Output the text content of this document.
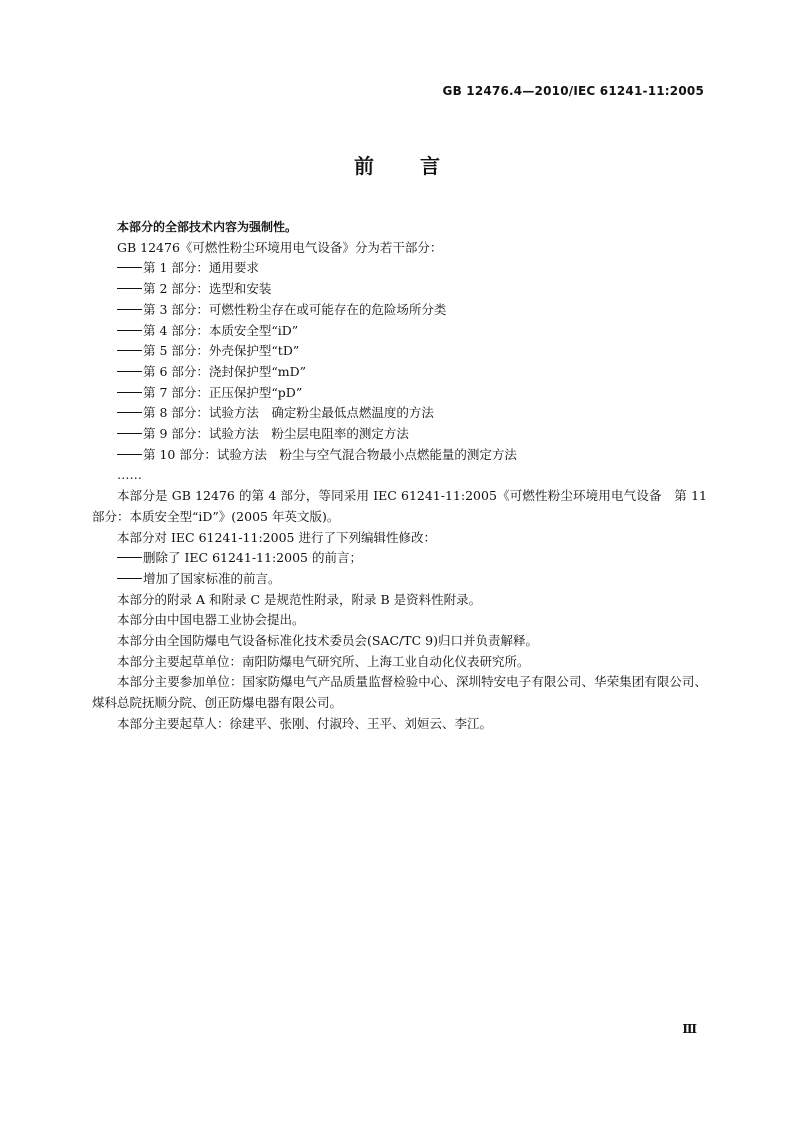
GB 12476.4—2010/IEC 61241-11:2005
前言

本部分的全部技术内容为强制性。

GB 12476《可燃性粉尘环境用电气设备》分为若干部分：

第 1 部分：通用要求

第 2 部分：选型和安装

第 3 部分：可燃性粉尘存在或可能存在的危险场所分类

第 4 部分：本质安全型“iD”

第 5 部分：外壳保护型“tD”

第 6 部分：浇封保护型“mD”

第 7 部分：正压保护型“pD”

第 8 部分：试验方法　确定粉尘最低点燃温度的方法

第 9 部分：试验方法　粉尘层电阻率的测定方法

第 10 部分：试验方法　粉尘与空气混合物最小点燃能量的测定方法

……

本部分是 GB 12476 的第 4 部分，等同采用 IEC 61241-11:2005《可燃性粉尘环境用电气设备　第 11 部分：本质安全型“iD”》(2005 年英文版)。

本部分对 IEC 61241-11:2005 进行了下列编辑性修改：

删除了 IEC 61241-11:2005 的前言；

增加了国家标准的前言。

本部分的附录 A 和附录 C 是规范性附录，附录 B 是资料性附录。

本部分由中国电器工业协会提出。

本部分由全国防爆电气设备标准化技术委员会(SAC/TC 9)归口并负责解释。

本部分主要起草单位：南阳防爆电气研究所、上海工业自动化仪表研究所。

本部分主要参加单位：国家防爆电气产品质量监督检验中心、深圳特安电子有限公司、华荣集团有限公司、煤科总院抚顺分院、创正防爆电器有限公司。

本部分主要起草人：徐建平、张刚、付淑玲、王平、刘姮云、李江。

Ⅲ
